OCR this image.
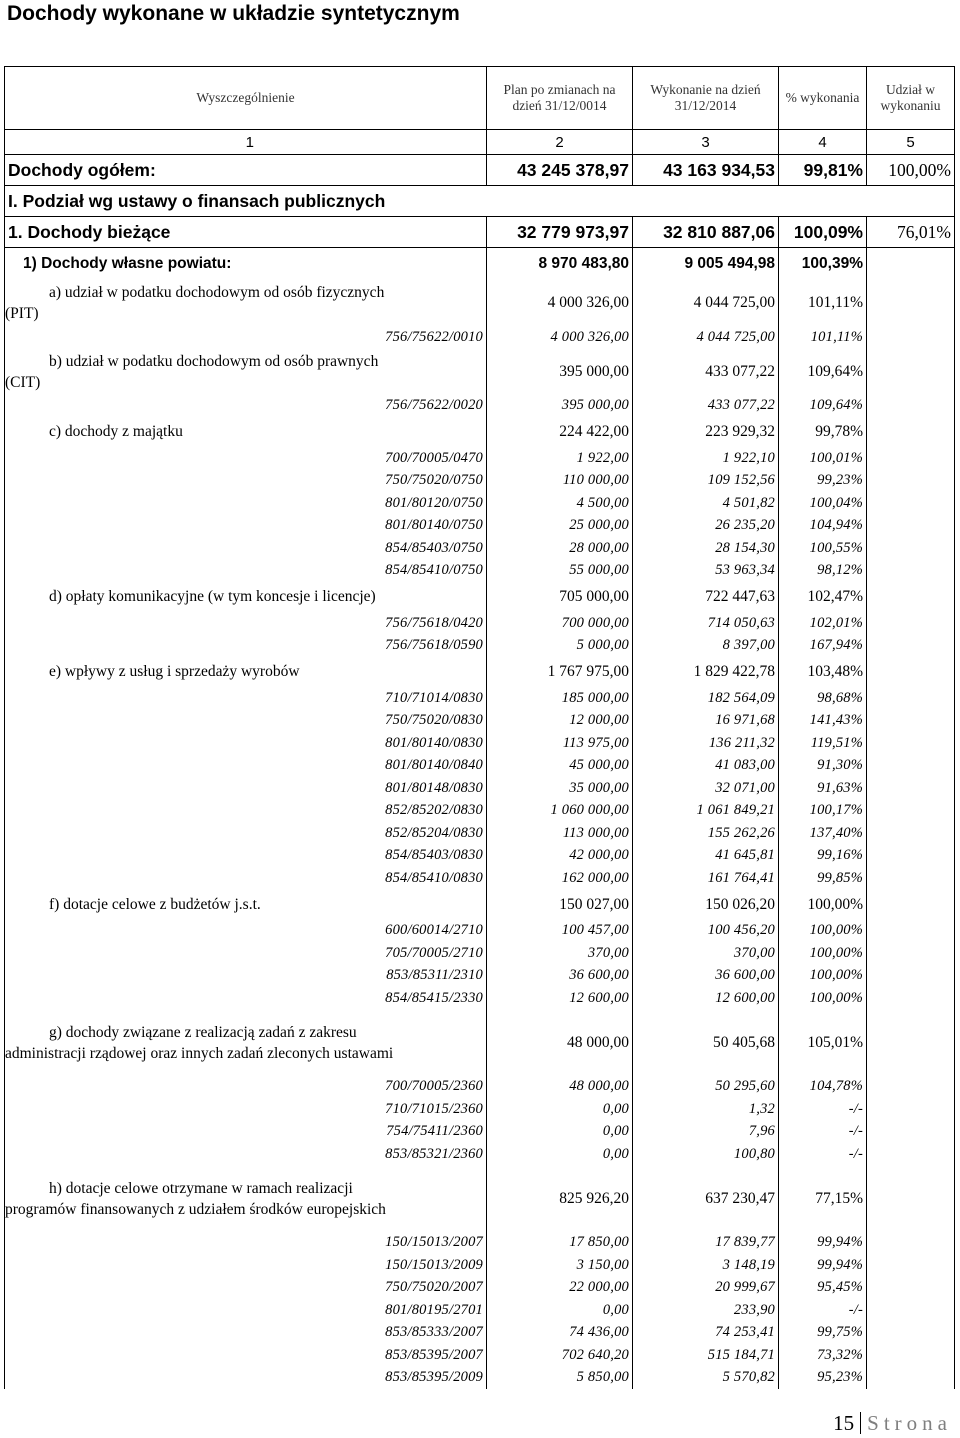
Dochody wykonane w układzie syntetycznym
Wyszczególnienie	Plan po zmianach na dzień 31/12/0014	Wykonanie na dzień 31/12/2014	% wykonania	Udział w wykonaniu
1	2	3	4	5
Dochody ogółem:	43 245 378,97	43 163 934,53	99,81%	100,00%
I. Podział wg ustawy o finansach publicznych				
1. Dochody bieżące	32 779 973,97	32 810 887,06	100,09%	76,01%
1) Dochody własne powiatu:	8 970 483,80	9 005 494,98	100,39%	

a) udział w podatku dochodowym od osób fizycznych
(PIT)	4 000 326,00	4 044 725,00	101,11%	
756/75622/0010	4 000 326,00	4 044 725,00	101,11%	

b) udział w podatku dochodowym od osób prawnych
(CIT)	395 000,00	433 077,22	109,64%	
756/75622/0020	395 000,00	433 077,22	109,64%	
c) dochody z majątku	224 422,00	223 929,32	99,78%	
700/70005/0470	1 922,00	1 922,10	100,01%	
750/75020/0750	110 000,00	109 152,56	99,23%	
801/80120/0750	4 500,00	4 501,82	100,04%	
801/80140/0750	25 000,00	26 235,20	104,94%	
854/85403/0750	28 000,00	28 154,30	100,55%	
854/85410/0750	55 000,00	53 963,34	98,12%	
d) opłaty komunikacyjne (w tym koncesje i licencje)	705 000,00	722 447,63	102,47%	
756/75618/0420	700 000,00	714 050,63	102,01%	
756/75618/0590	5 000,00	8 397,00	167,94%	
e) wpływy z usług i sprzedaży wyrobów	1 767 975,00	1 829 422,78	103,48%	
710/71014/0830	185 000,00	182 564,09	98,68%	
750/75020/0830	12 000,00	16 971,68	141,43%	
801/80140/0830	113 975,00	136 211,32	119,51%	
801/80140/0840	45 000,00	41 083,00	91,30%	
801/80148/0830	35 000,00	32 071,00	91,63%	
852/85202/0830	1 060 000,00	1 061 849,21	100,17%	
852/85204/0830	113 000,00	155 262,26	137,40%	
854/85403/0830	42 000,00	41 645,81	99,16%	
854/85410/0830	162 000,00	161 764,41	99,85%	
f) dotacje celowe z budżetów j.s.t.	150 027,00	150 026,20	100,00%	
600/60014/2710	100 457,00	100 456,20	100,00%	
705/70005/2710	370,00	370,00	100,00%	
853/85311/2310	36 600,00	36 600,00	100,00%	
854/85415/2330	12 600,00	12 600,00	100,00%	

g) dochody związane z realizacją zadań z zakresu
administracji rządowej oraz innych zadań zleconych ustawami	48 000,00	50 405,68	105,01%	

700/70005/2360	48 000,00	50 295,60	104,78%	
710/71015/2360	0,00	1,32	-/-	
754/75411/2360	0,00	7,96	-/-	
853/85321/2360	0,00	100,80	-/-	

h) dotacje celowe otrzymane w ramach realizacji
programów finansowanych z udziałem środków europejskich	825 926,20	637 230,47	77,15%	

150/15013/2007	17 850,00	17 839,77	99,94%	
150/15013/2009	3 150,00	3 148,19	99,94%	
750/75020/2007	22 000,00	20 999,67	95,45%	
801/80195/2701	0,00	233,90	-/-	
853/85333/2007	74 436,00	74 253,41	99,75%	
853/85395/2007	702 640,20	515 184,71	73,32%	
853/85395/2009	5 850,00	5 570,82	95,23%	
15 Strona
